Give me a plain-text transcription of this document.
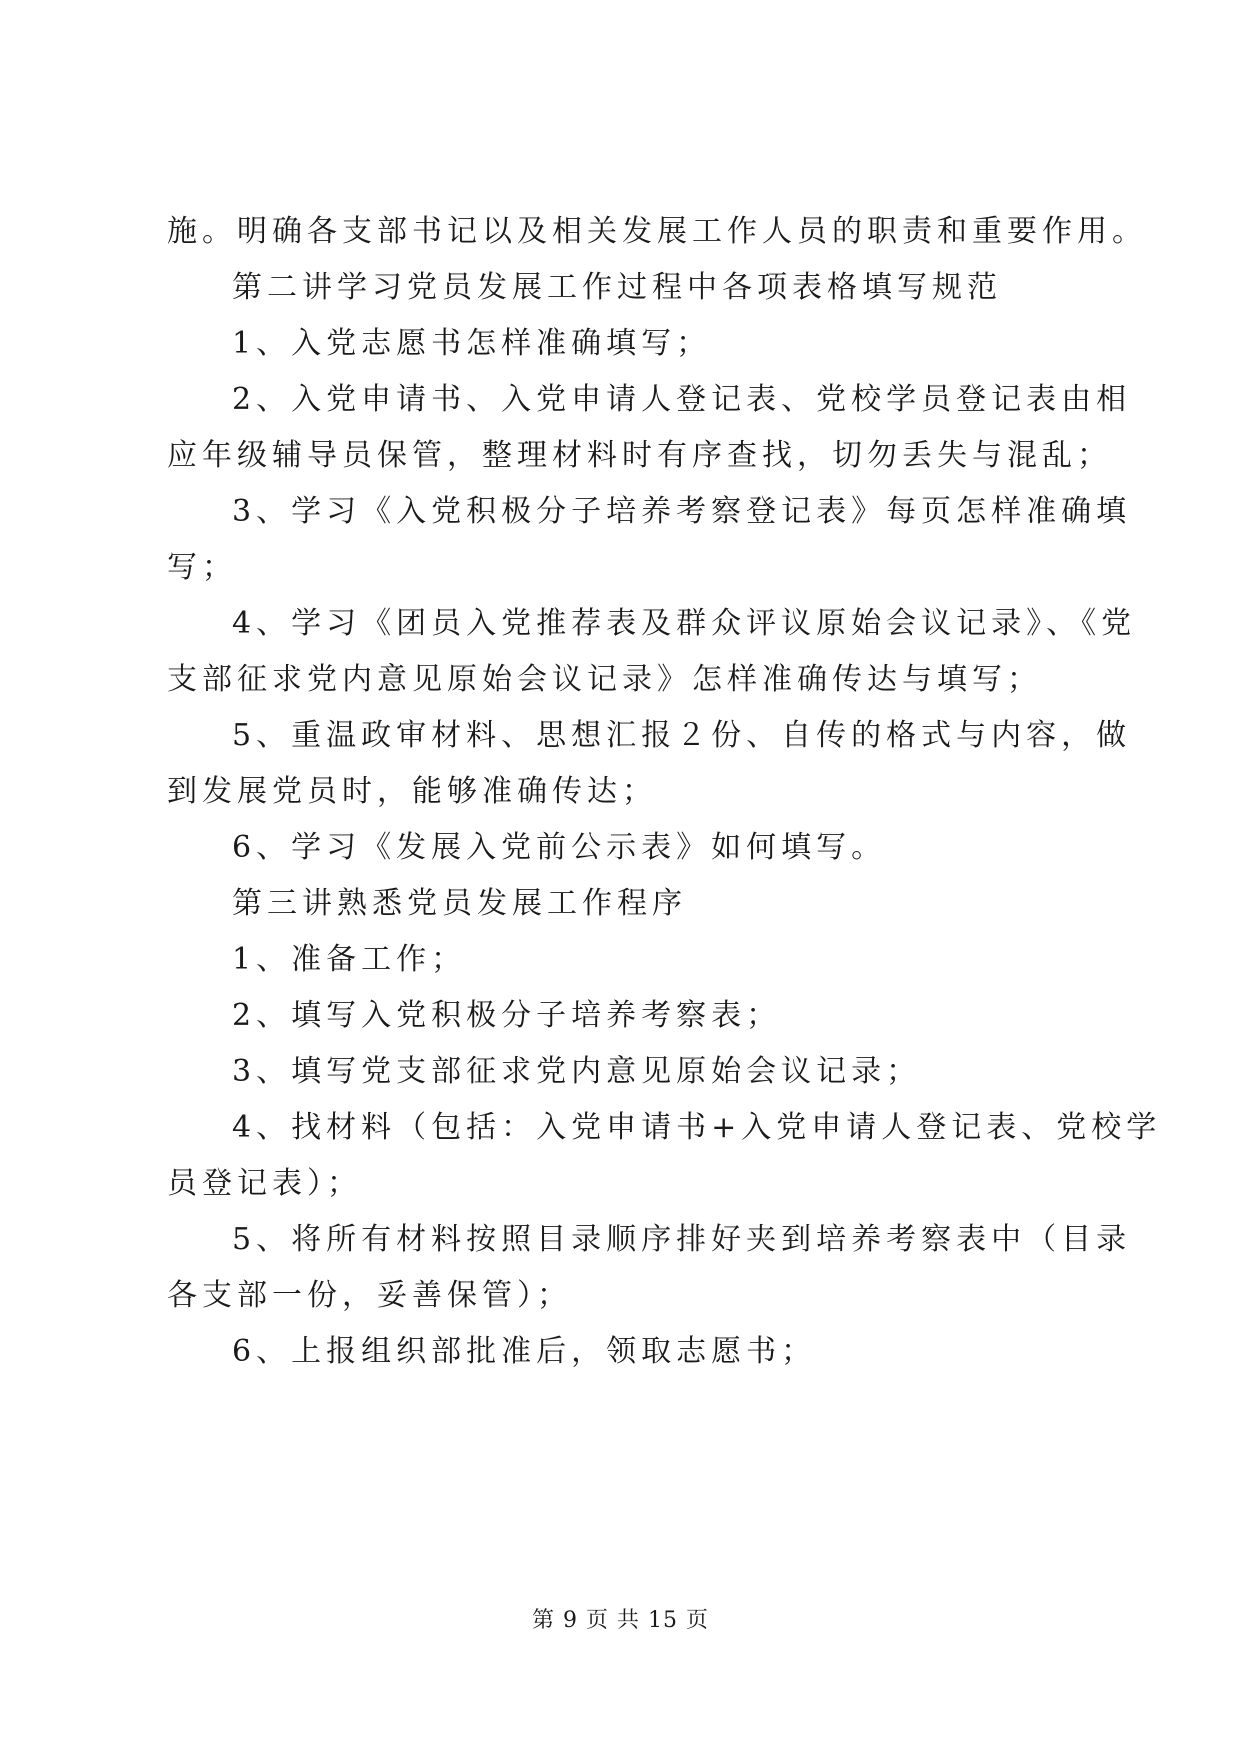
施。明确各支部书记以及相关发展工作人员的职责和重要作用。
第二讲学习党员发展工作过程中各项表格填写规范
1、入党志愿书怎样准确填写；
2、入党申请书、入党申请人登记表、党校学员登记表由相
应年级辅导员保管，整理材料时有序查找，切勿丢失与混乱；
3、学习《入党积极分子培养考察登记表》每页怎样准确填
写；
4、学习《团员入党推荐表及群众评议原始会议记录》、《党
支部征求党内意见原始会议记录》怎样准确传达与填写；
5、重温政审材料、思想汇报２份、自传的格式与内容，做
到发展党员时，能够准确传达；
6、学习《发展入党前公示表》如何填写。
第三讲熟悉党员发展工作程序
1、准备工作；
2、填写入党积极分子培养考察表；
3、填写党支部征求党内意见原始会议记录；
4、找材料（包括：入党申请书+入党申请人登记表、党校学
员登记表）；
5、将所有材料按照目录顺序排好夹到培养考察表中（目录
各支部一份，妥善保管）；
6、上报组织部批准后，领取志愿书；
第 9 页 共 15 页
